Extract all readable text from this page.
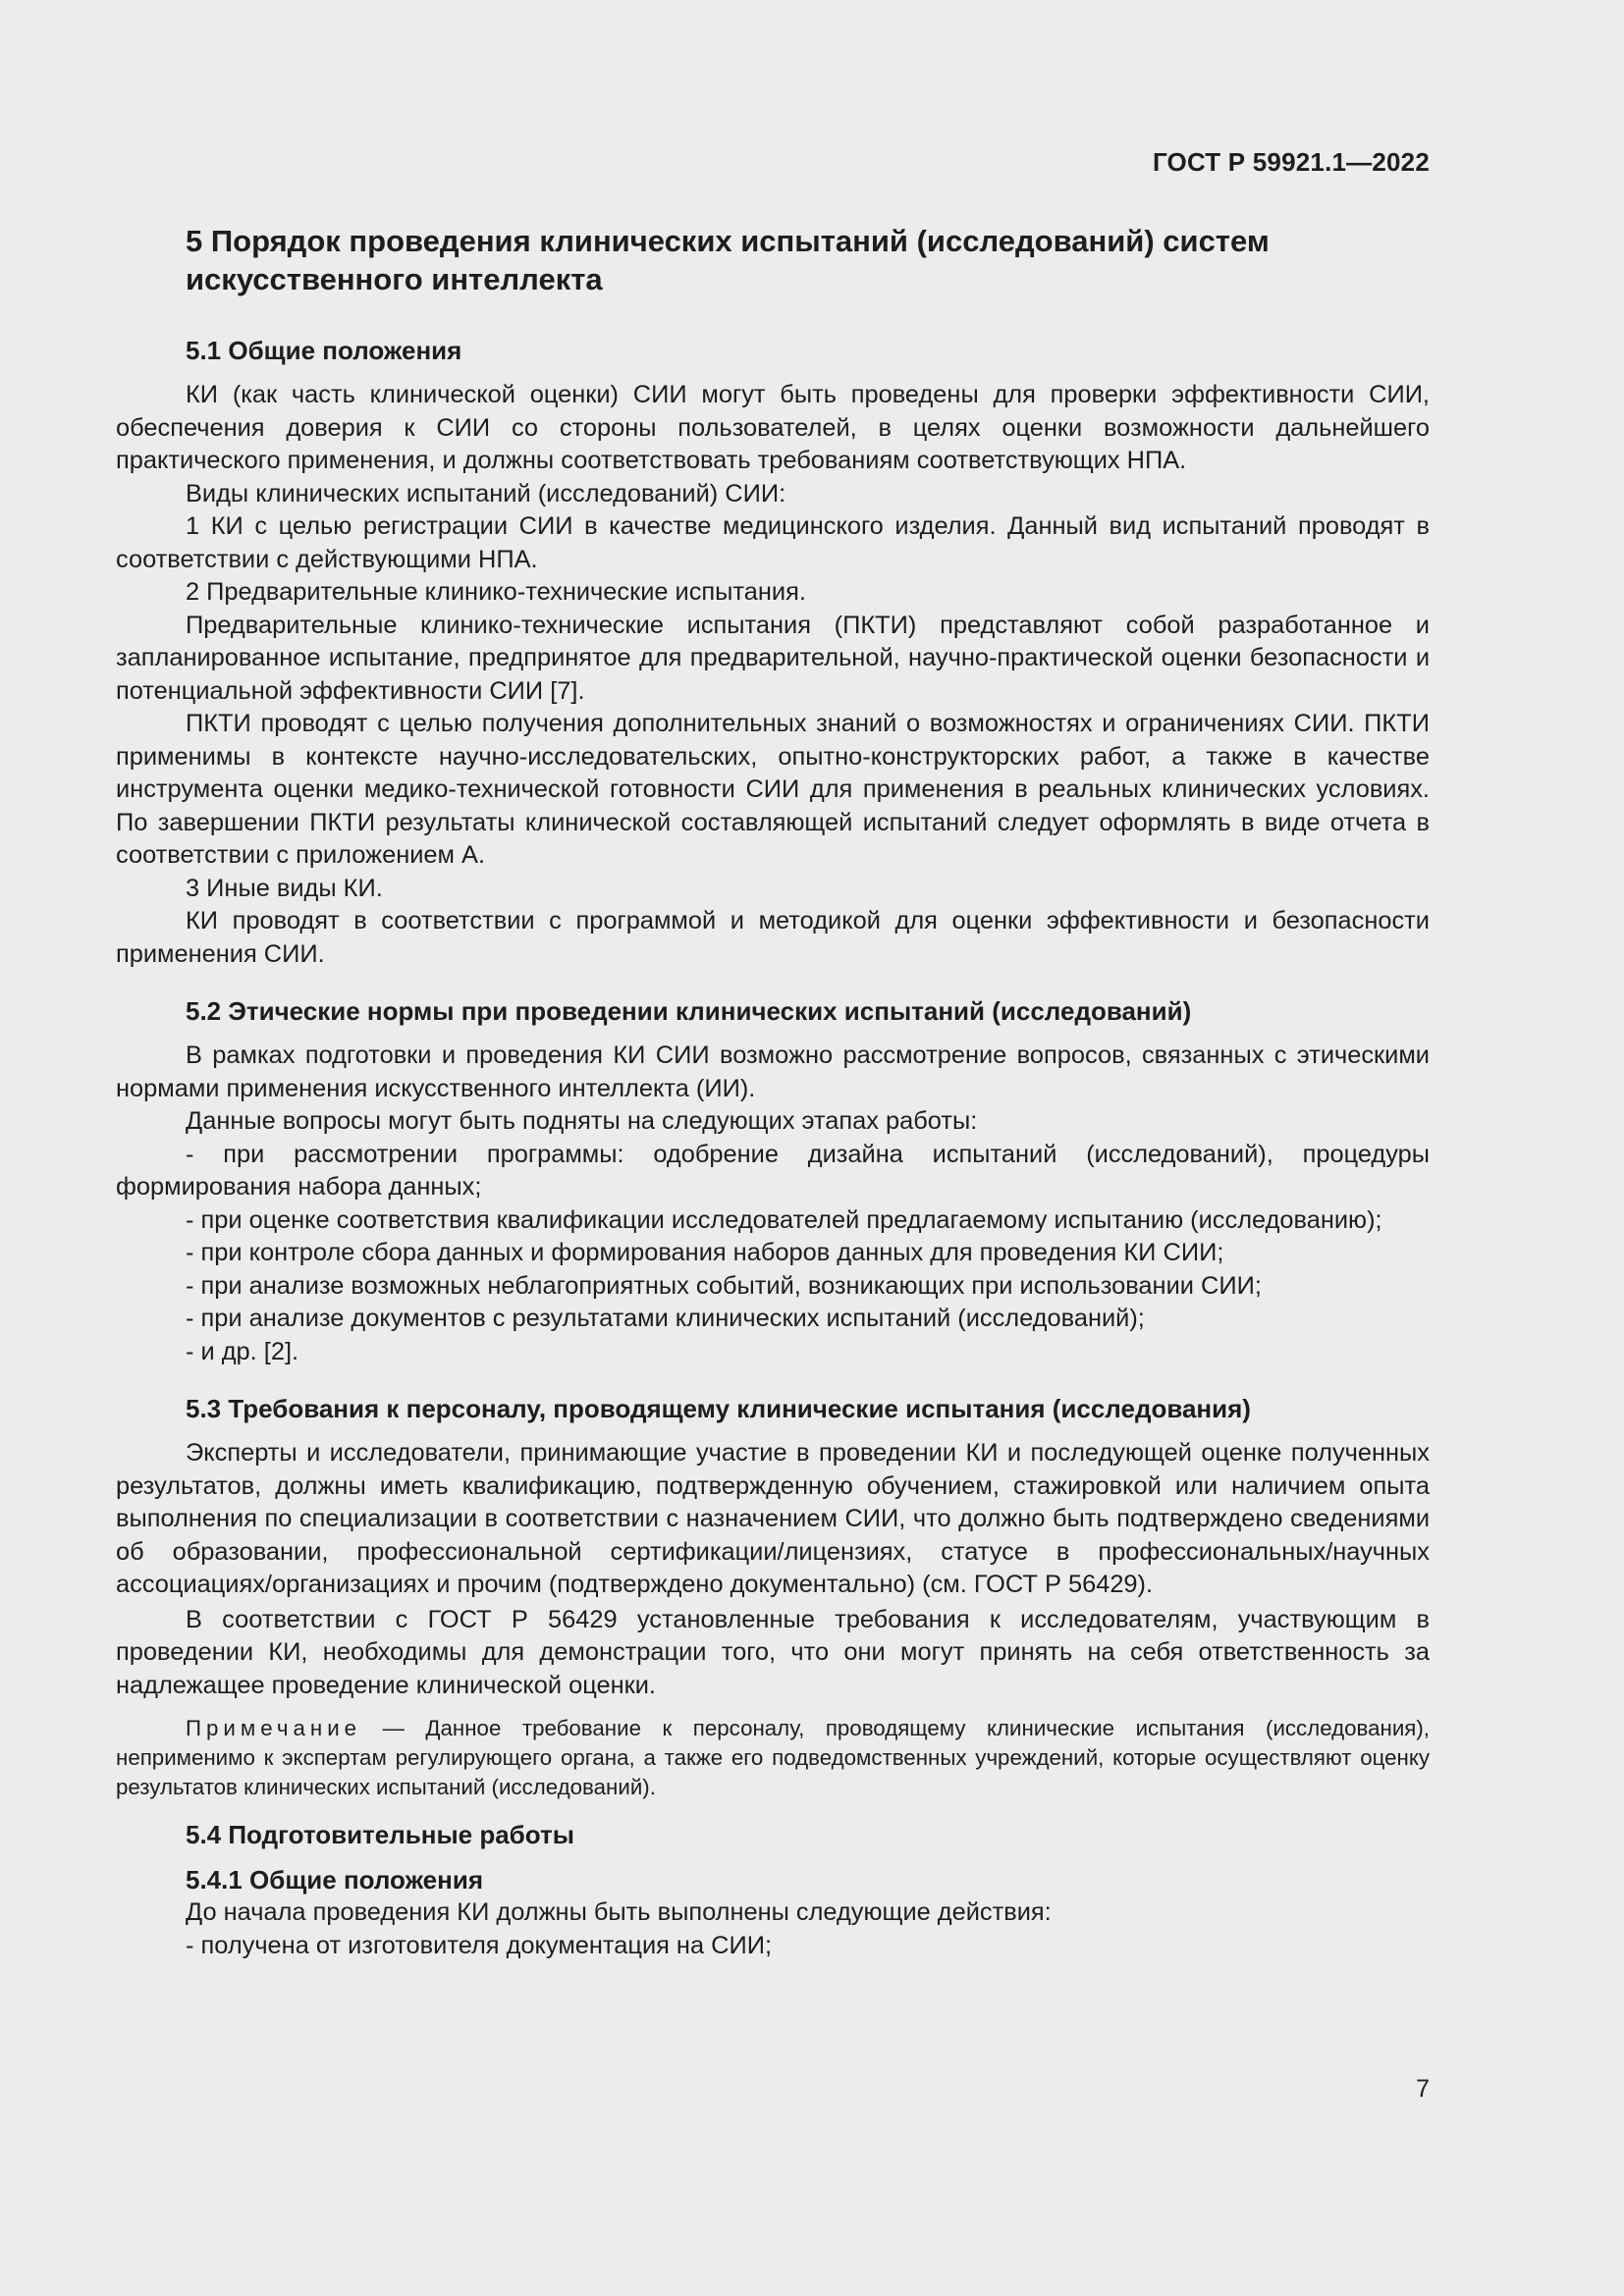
ГОСТ Р 59921.1—2022
5 Порядок проведения клинических испытаний (исследований) систем искусственного интеллекта
5.1 Общие положения

КИ (как часть клинической оценки) СИИ могут быть проведены для проверки эффективности СИИ, обеспечения доверия к СИИ со стороны пользователей, в целях оценки возможности дальнейшего практического применения, и должны соответствовать требованиям соответствующих НПА.

Виды клинических испытаний (исследований) СИИ:

1 КИ с целью регистрации СИИ в качестве медицинского изделия. Данный вид испытаний проводят в соответствии с действующими НПА.

2 Предварительные клинико-технические испытания.

Предварительные клинико-технические испытания (ПКТИ) представляют собой разработанное и запланированное испытание, предпринятое для предварительной, научно-практической оценки безопасности и потенциальной эффективности СИИ [7].

ПКТИ проводят с целью получения дополнительных знаний о возможностях и ограничениях СИИ. ПКТИ применимы в контексте научно-исследовательских, опытно-конструкторских работ, а также в качестве инструмента оценки медико-технической готовности СИИ для применения в реальных клинических условиях. По завершении ПКТИ результаты клинической составляющей испытаний следует оформлять в виде отчета в соответствии с приложением А.

3 Иные виды КИ.

КИ проводят в соответствии с программой и методикой для оценки эффективности и безопасности применения СИИ.

5.2 Этические нормы при проведении клинических испытаний (исследований)

В рамках подготовки и проведения КИ СИИ возможно рассмотрение вопросов, связанных с этическими нормами применения искусственного интеллекта (ИИ).

Данные вопросы могут быть подняты на следующих этапах работы:

- при рассмотрении программы: одобрение дизайна испытаний (исследований), процедуры формирования набора данных;

- при оценке соответствия квалификации исследователей предлагаемому испытанию (исследованию);

- при контроле сбора данных и формирования наборов данных для проведения КИ СИИ;

- при анализе возможных неблагоприятных событий, возникающих при использовании СИИ;

- при анализе документов с результатами клинических испытаний (исследований);

- и др. [2].

5.3 Требования к персоналу, проводящему клинические испытания (исследования)

Эксперты и исследователи, принимающие участие в проведении КИ и последующей оценке полученных результатов, должны иметь квалификацию, подтвержденную обучением, стажировкой или наличием опыта выполнения по специализации в соответствии с назначением СИИ, что должно быть подтверждено сведениями об образовании, профессиональной сертификации/лицензиях, статусе в профессиональных/научных ассоциациях/организациях и прочим (подтверждено документально) (см. ГОСТ Р 56429).

В соответствии с ГОСТ Р 56429 установленные требования к исследователям, участвующим в проведении КИ, необходимы для демонстрации того, что они могут принять на себя ответственность за надлежащее проведение клинической оценки.

Примечание — Данное требование к персоналу, проводящему клинические испытания (исследования), неприменимо к экспертам регулирующего органа, а также его подведомственных учреждений, которые осуществляют оценку результатов клинических испытаний (исследований).

5.4 Подготовительные работы
5.4.1 Общие положения

До начала проведения КИ должны быть выполнены следующие действия:

- получена от изготовителя документация на СИИ;

7
